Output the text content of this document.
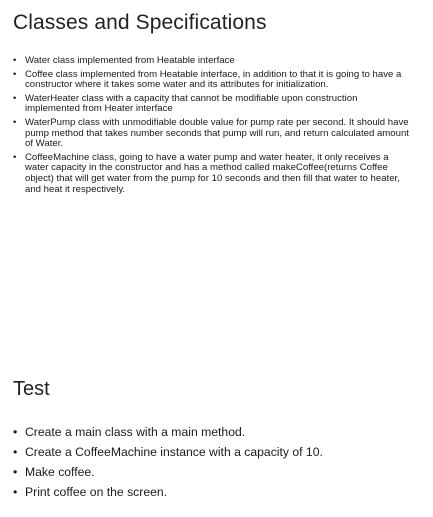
Classes and Specifications
• Water class implemented from Heatable interface
• Coffee class implemented from Heatable interface, in addition to that it is going to have a constructor where it takes some water and its attributes for initialization.
• WaterHeater class with a capacity that cannot be modifiable upon construction implemented from Heater interface
• WaterPump class with unmodifiable double value for pump rate per second. It should have pump method that takes number seconds that pump will run, and return calculated amount of Water.
• CoffeeMachine class, going to have a water pump and water heater, it only receives a water capacity in the constructor and has a method called makeCoffee(returns Coffee object) that will get water from the pump for 10 seconds and then fill that water to heater, and heat it respectively.
Test
• Create a main class with a main method.
• Create a CoffeeMachine instance with a capacity of 10.
• Make coffee.
• Print coffee on the screen.
